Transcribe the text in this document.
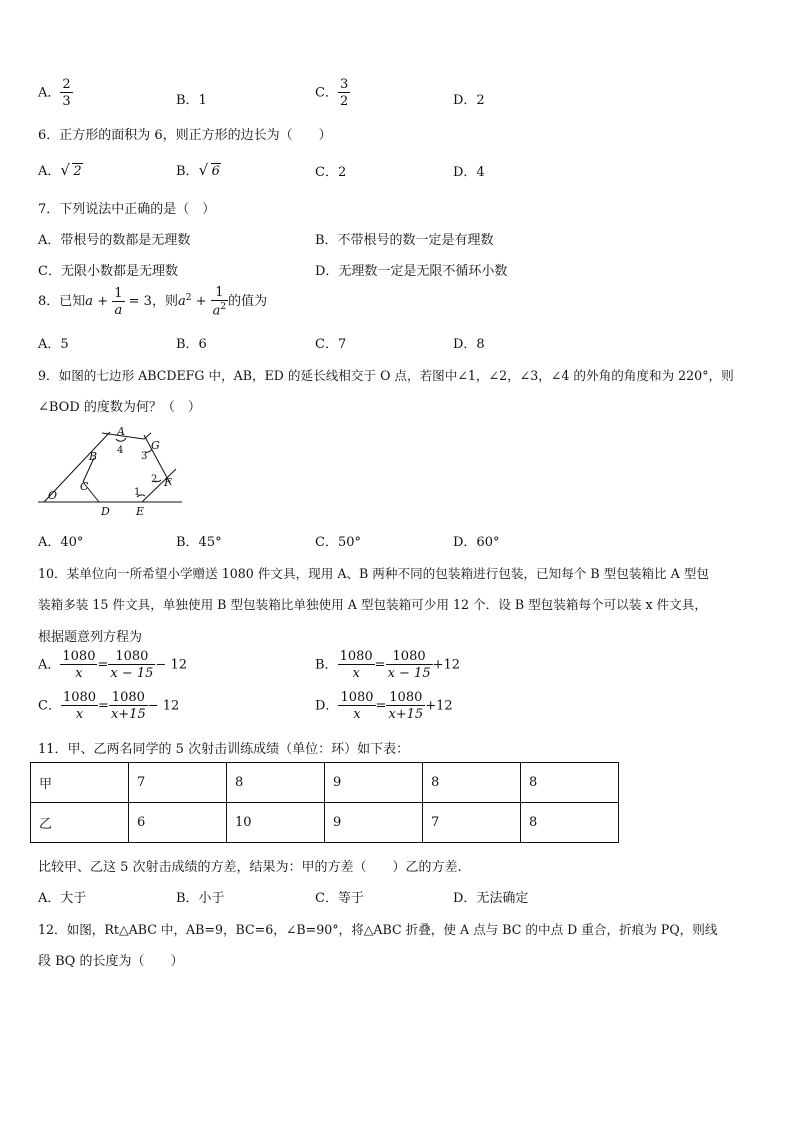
A． $\frac{2}{3}$	B．1	C． $\frac{3}{2}$	D．2
6．正方形的面积为 6，则正方形的边长为（　　）
A． √ 2	B． √ 6	C．2	D．4
7．下列说法中正确的是（　）
A．带根号的数都是无理数	B．不带根号的数一定是有理数
C．无限小数都是无理数	D．无理数一定是无限不循环小数
8．已知$a + \frac{1}{a} = 3$，则$a^2 + \frac{1}{a^2}$ 的值为
A．5	B．6	C．7	D．8
9．如图的七边形 ABCDEFG 中，AB，ED 的延长线相交于 O 点，若图中∠1，∠2，∠3，∠4 的外角的角度和为 220°，则
∠BOD 的度数为何？（　）
A
B
C
D E
F
G
O	1
2
3
4
A．40°	B．45°	C．50°	D．60°
10．某单位向一所希望小学赠送 1080 件文具，现用 A、B 两种不同的包装箱进行包装，已知每个 B 型包装箱比 A 型包
装箱多装 15 件文具，单独使用 B 型包装箱比单独使用 A 型包装箱可少用 12 个．设 B 型包装箱每个可以装 x 件文具，
根据题意列方程为
A． $\frac{1080}{x} = \frac{1080}{x - 15} - 12$	B． $\frac{1080}{x} = \frac{1080}{x - 15} +12$
C． $\frac{1080}{x} = \frac{1080}{x+15} - 12$	D． $\frac{1080}{x} = \frac{1080}{x+15} +12$
11．甲、乙两名同学的 5 次射击训练成绩（单位：环）如下表：
甲	7	8	9	8	8
乙	6	10	9	7	8
比较甲、乙这 5 次射击成绩的方差，结果为：甲的方差（　　）乙的方差.
A．大于	B．小于	C．等于	D．无法确定
12．如图，Rt△ABC 中，AB=9，BC=6，∠B=90°，将△ABC 折叠，使 A 点与 BC 的中点 D 重合，折痕为 PQ，则线
段 BQ 的长度为（　　）
